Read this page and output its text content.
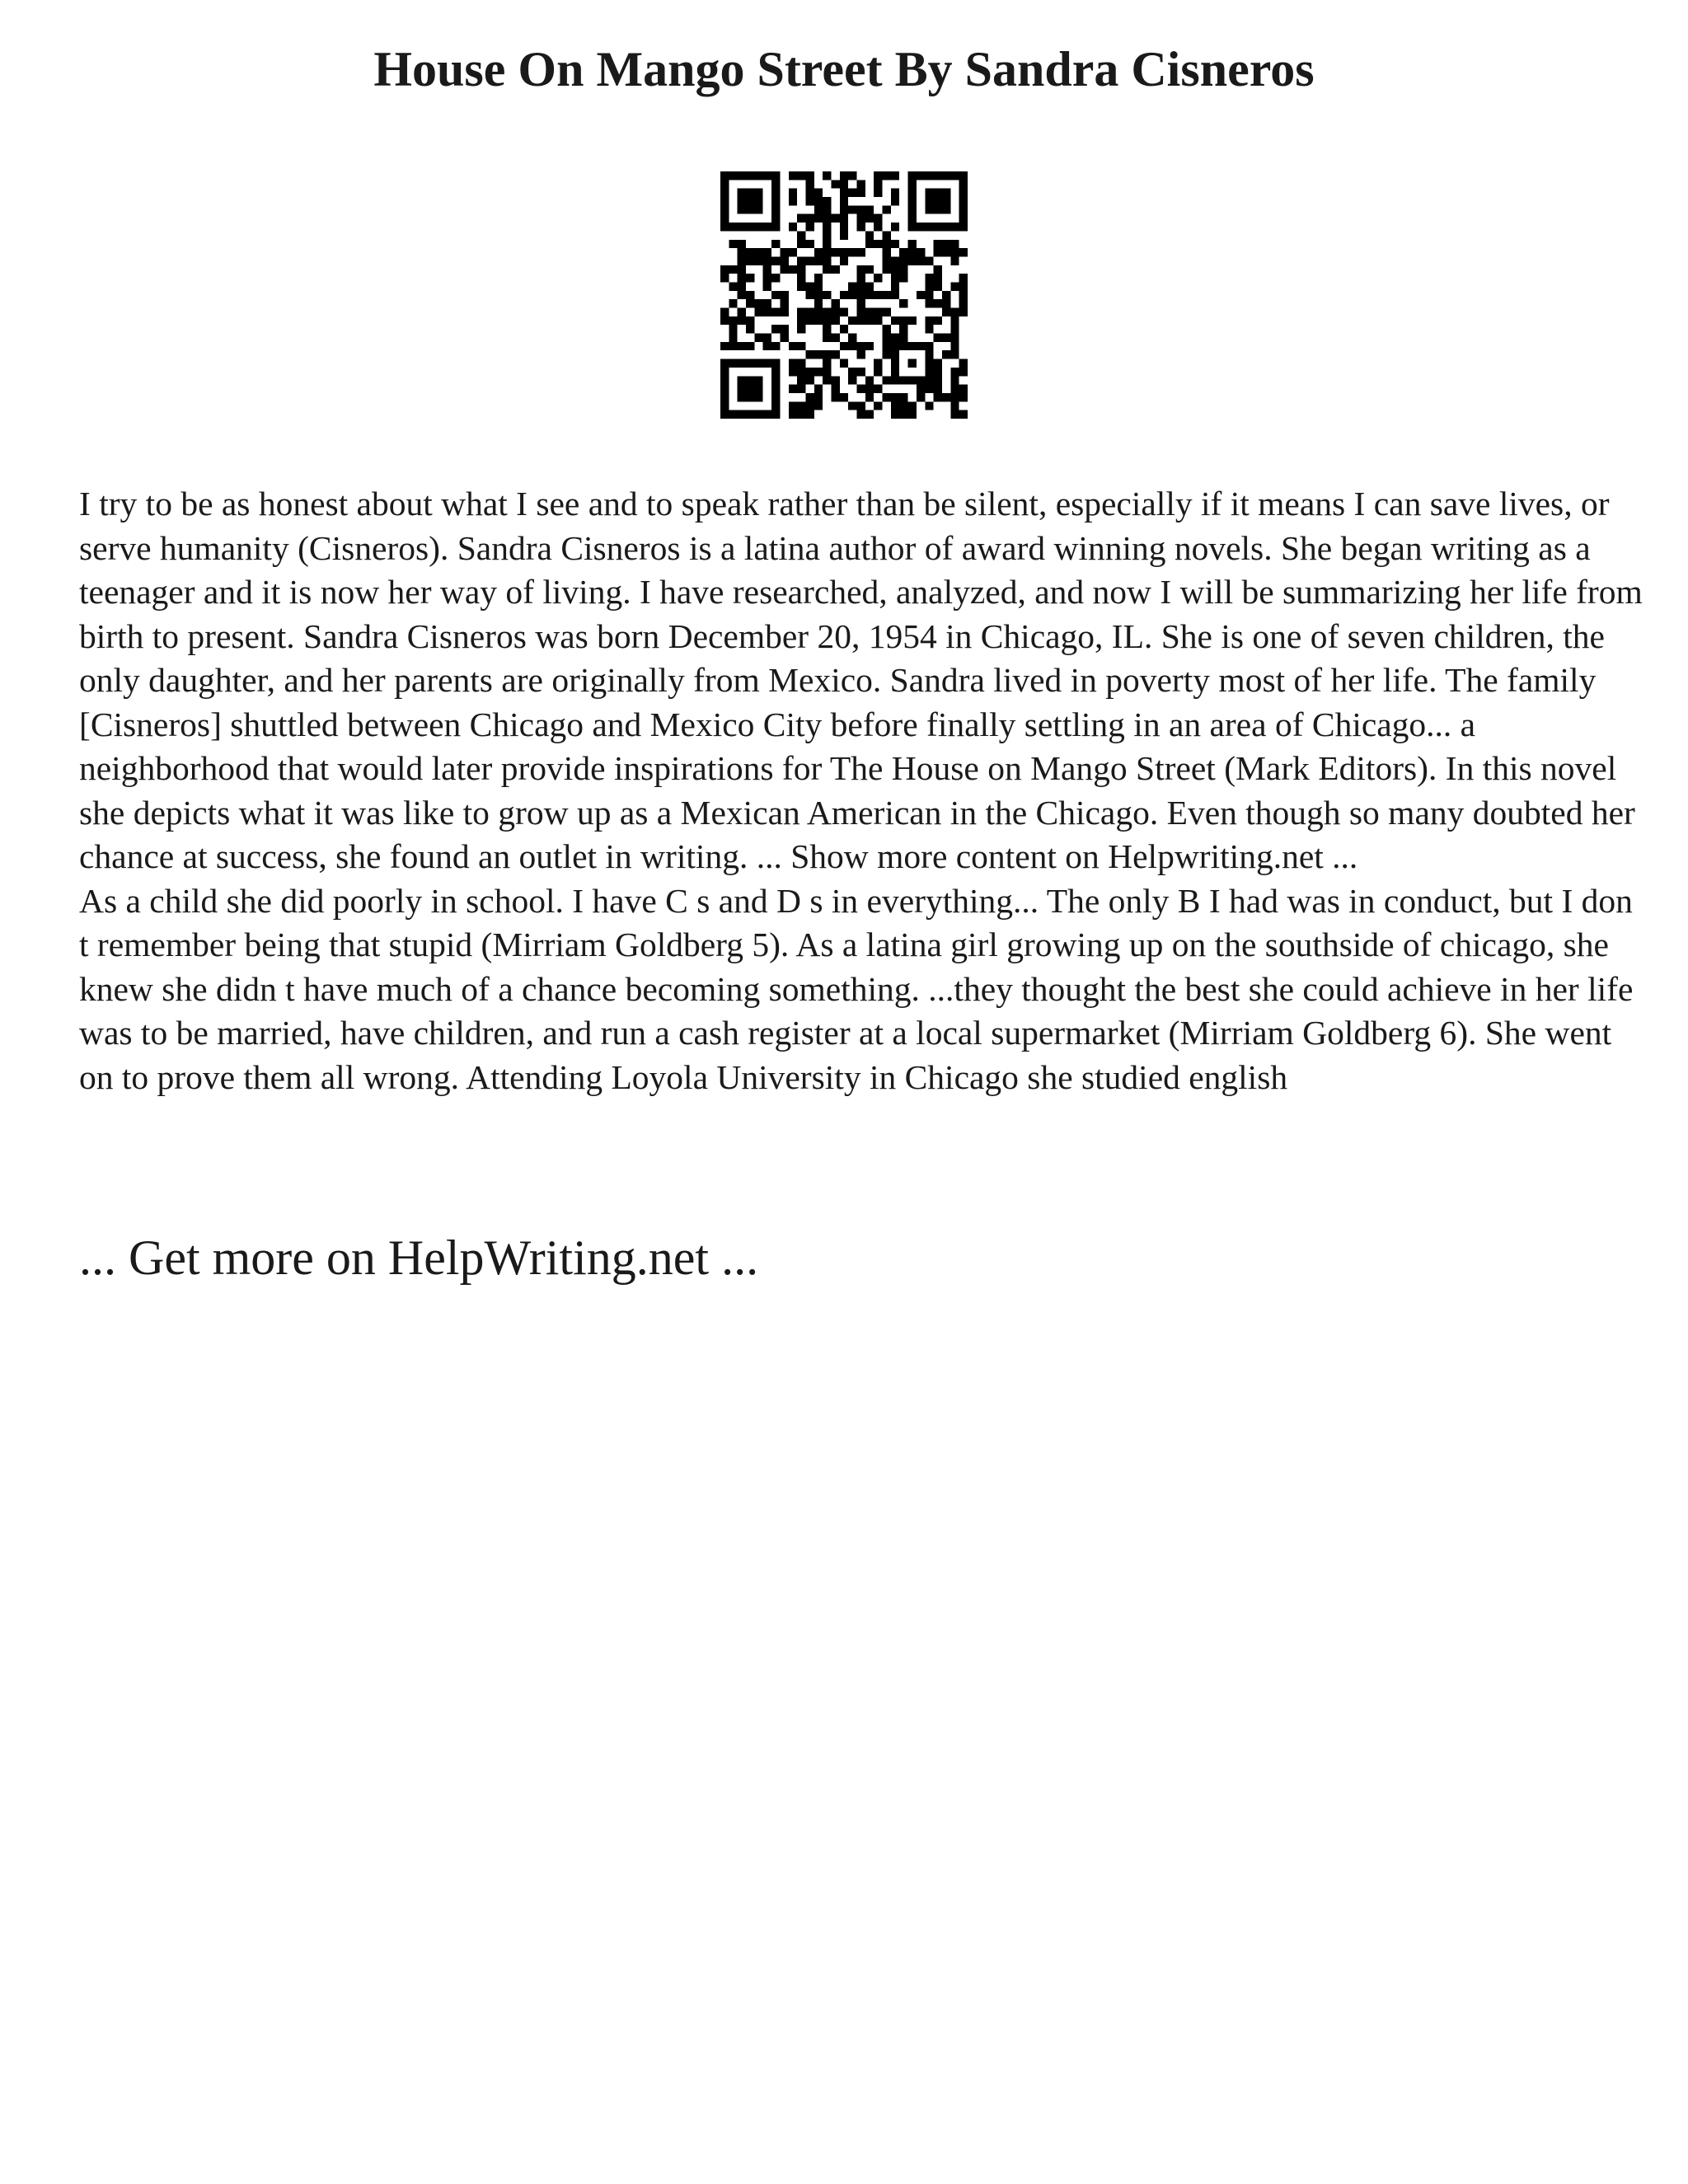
House On Mango Street By Sandra Cisneros

I try to be as honest about what I see and to speak rather than be silent, especially if it means I can save lives, or serve humanity (Cisneros). Sandra Cisneros is a latina author of award winning novels. She began writing as a teenager and it is now her way of living. I have researched, analyzed, and now I will be summarizing her life from birth to present. Sandra Cisneros was born December 20, 1954 in Chicago, IL. She is one of seven children, the only daughter, and her parents are originally from Mexico. Sandra lived in poverty most of her life. The family [Cisneros] shuttled between Chicago and Mexico City before finally settling in an area of Chicago... a neighborhood that would later provide inspirations for The House on Mango Street (Mark Editors). In this novel she depicts what it was like to grow up as a Mexican American in the Chicago. Even though so many doubted her chance at success, she found an outlet in writing. ... Show more content on Helpwriting.net ...

As a child she did poorly in school. I have C s and D s in everything... The only B I had was in conduct, but I don t remember being that stupid (Mirriam Goldberg 5). As a latina girl growing up on the southside of chicago, she knew she didn t have much of a chance becoming something. ...they thought the best she could achieve in her life was to be married, have children, and run a cash register at a local supermarket (Mirriam Goldberg 6). She went on to prove them all wrong. Attending Loyola University in Chicago she studied english

... Get more on HelpWriting.net ...
